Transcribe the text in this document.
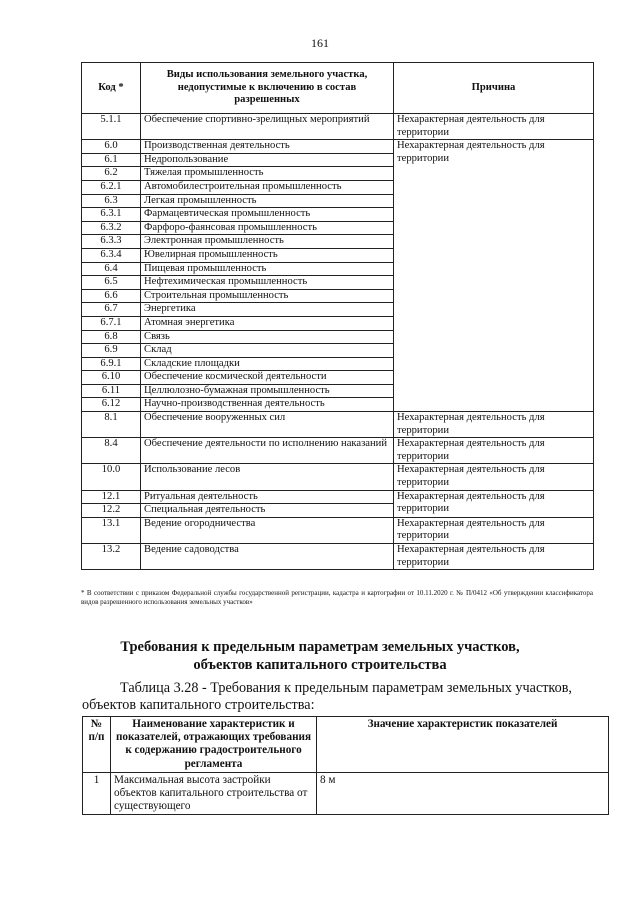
161
Код *	Виды использования земельного участка, недопустимые к включению в состав разрешенных	Причина
5.1.1	Обеспечение спортивно-зрелищных мероприятий	Нехарактерная деятельность для территории
6.0	Производственная деятельность	Нехарактерная деятельность для территории
6.1	Недропользование	
6.2	Тяжелая промышленность	
6.2.1	Автомобилестроительная промышленность	
6.3	Легкая промышленность	
6.3.1	Фармацевтическая промышленность	
6.3.2	Фарфоро-фаянсовая промышленность	
6.3.3	Электронная промышленность	
6.3.4	Ювелирная промышленность	
6.4	Пищевая промышленность	
6.5	Нефтехимическая промышленность	
6.6	Строительная промышленность	
6.7	Энергетика	
6.7.1	Атомная энергетика	
6.8	Связь	
6.9	Склад	
6.9.1	Складские площадки	
6.10	Обеспечение космической деятельности	
6.11	Целлюлозно-бумажная промышленность	
6.12	Научно-производственная деятельность	
8.1	Обеспечение вооруженных сил	Нехарактерная деятельность для территории
8.4	Обеспечение деятельности по исполнению наказаний	Нехарактерная деятельность для территории
10.0	Использование лесов	Нехарактерная деятельность для территории
12.1	Ритуальная деятельность	Нехарактерная деятельность для территории
12.2	Специальная деятельность	
13.1	Ведение огородничества	Нехарактерная деятельность для территории
13.2	Ведение садоводства	Нехарактерная деятельность для территории
* В соответствии с приказом Федеральной службы государственной регистрации, кадастра и картографии от 10.11.2020 г. № П/0412 «Об утверждении классификатора видов разрешенного использования земельных участков»
Требования к предельным параметрам земельных участков, объектов капитального строительства
Таблица 3.28 - Требования к предельным параметрам земельных участков, объектов капитального строительства:
№ п/п	Наименование характеристик и показателей, отражающих требования к содержанию градостроительного регламента	Значение характеристик показателей
1	Максимальная высота застройки объектов капитального строительства от существующего	8 м
